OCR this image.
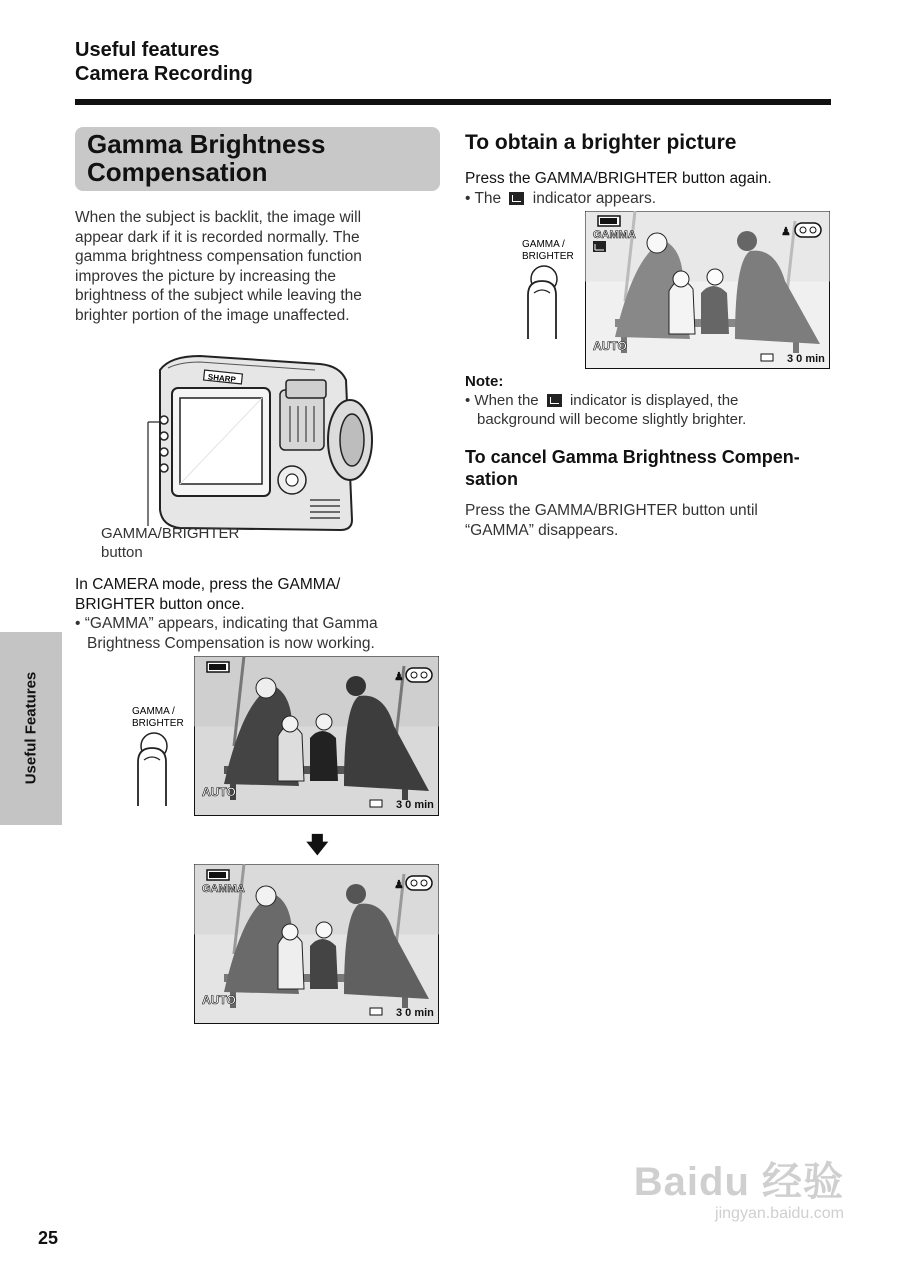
Useful features
Camera Recording
Gamma Brightness
Compensation
When the subject is backlit, the image will
appear dark if it is recorded normally. The
gamma brightness compensation function
improves the picture by increasing the
brightness of the subject while leaving the
brighter portion of the image unaffected.
SHARP
GAMMA/BRIGHTER
button
In CAMERA mode, press the GAMMA/
BRIGHTER button once.
• “GAMMA” appears, indicating that Gamma
Brightness Compensation is now working.
GAMMA /
BRIGHTER
GAMMA /
BRIGHTER
♟
AUTO
3 0 min
🡇
GAMMA	♟
AUTO
3 0 min
To obtain a brighter picture
Press the GAMMA/BRIGHTER button again.
• The indicator appears.
GAMMA	♟
AUTO
3 0 min
Note:
• When the indicator is displayed, the
background will become slightly brighter.
To cancel Gamma Brightness Compen-
sation
Press the GAMMA/BRIGHTER button until
“GAMMA” disappears.
Useful Features
25
Baidu 经验
jingyan.baidu.com
